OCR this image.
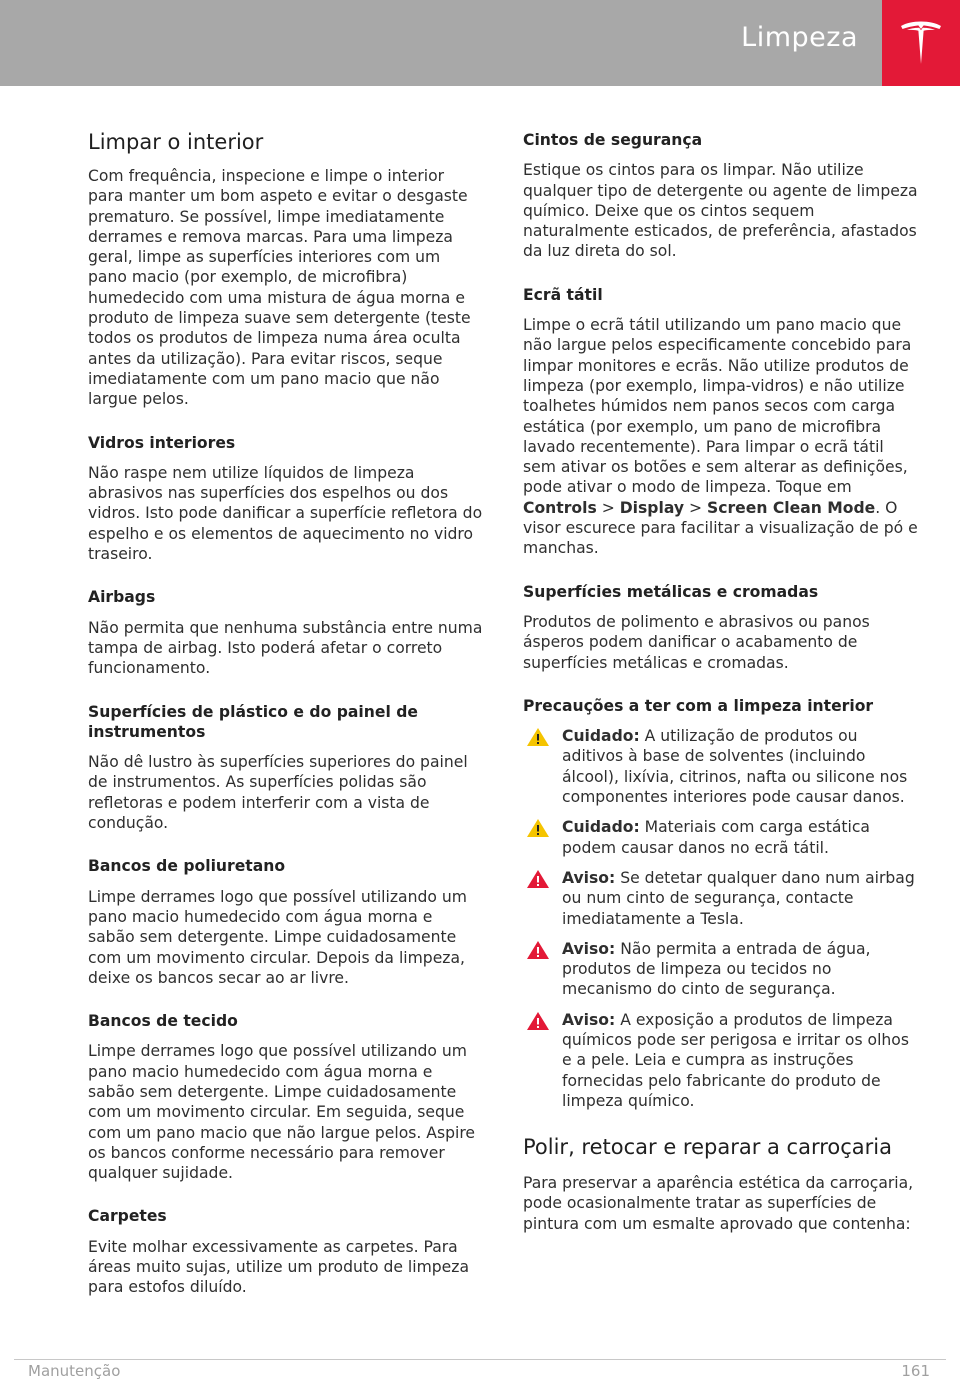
Limpeza
Limpar o interior

Com frequência, inspecione e limpe o interior para manter um bom aspeto e evitar o desgaste prematuro. Se possível, limpe imediatamente derrames e remova marcas. Para uma limpeza geral, limpe as superfícies interiores com um pano macio (por exemplo, de microfibra) humedecido com uma mistura de água morna e produto de limpeza suave sem detergente (teste todos os produtos de limpeza numa área oculta antes da utilização). Para evitar riscos, seque imediatamente com um pano macio que não largue pelos.

Vidros interiores

Não raspe nem utilize líquidos de limpeza abrasivos nas superfícies dos espelhos ou dos vidros. Isto pode danificar a superfície refletora do espelho e os elementos de aquecimento no vidro traseiro.

Airbags

Não permita que nenhuma substância entre numa tampa de airbag. Isto poderá afetar o correto funcionamento.

Superfícies de plástico e do painel de instrumentos

Não dê lustro às superfícies superiores do painel de instrumentos. As superfícies polidas são refletoras e podem interferir com a vista de condução.

Bancos de poliuretano

Limpe derrames logo que possível utilizando um pano macio humedecido com água morna e sabão sem detergente. Limpe cuidadosamente com um movimento circular. Depois da limpeza, deixe os bancos secar ao ar livre.

Bancos de tecido

Limpe derrames logo que possível utilizando um pano macio humedecido com água morna e sabão sem detergente. Limpe cuidadosamente com um movimento circular. Em seguida, seque com um pano macio que não largue pelos. Aspire os bancos conforme necessário para remover qualquer sujidade.

Carpetes

Evite molhar excessivamente as carpetes. Para áreas muito sujas, utilize um produto de limpeza para estofos diluído.

Cintos de segurança

Estique os cintos para os limpar. Não utilize qualquer tipo de detergente ou agente de limpeza químico. Deixe que os cintos sequem naturalmente esticados, de preferência, afastados da luz direta do sol.

Ecrã tátil

Limpe o ecrã tátil utilizando um pano macio que não largue pelos especificamente concebido para limpar monitores e ecrãs. Não utilize produtos de limpeza (por exemplo, limpa-vidros) e não utilize toalhetes húmidos nem panos secos com carga estática (por exemplo, um pano de microfibra lavado recentemente). Para limpar o ecrã tátil sem ativar os botões e sem alterar as definições, pode ativar o modo de limpeza. Toque em Controls > Display > Screen Clean Mode. O visor escurece para facilitar a visualização de pó e manchas.

Superfícies metálicas e cromadas

Produtos de polimento e abrasivos ou panos ásperos podem danificar o acabamento de superfícies metálicas e cromadas.

Precauções a ter com a limpeza interior
Cuidado: A utilização de produtos ou aditivos à base de solventes (incluindo álcool), lixívia, citrinos, nafta ou silicone nos componentes interiores pode causar danos.
Cuidado: Materiais com carga estática podem causar danos no ecrã tátil.
Aviso: Se detetar qualquer dano num airbag ou num cinto de segurança, contacte imediatamente a Tesla.
Aviso: Não permita a entrada de água, produtos de limpeza ou tecidos no mecanismo do cinto de segurança.
Aviso: A exposição a produtos de limpeza químicos pode ser perigosa e irritar os olhos e a pele. Leia e cumpra as instruções fornecidas pelo fabricante do produto de limpeza químico.
Polir, retocar e reparar a carroçaria

Para preservar a aparência estética da carroçaria, pode ocasionalmente tratar as superfícies de pintura com um esmalte aprovado que contenha:

Manutenção	161
